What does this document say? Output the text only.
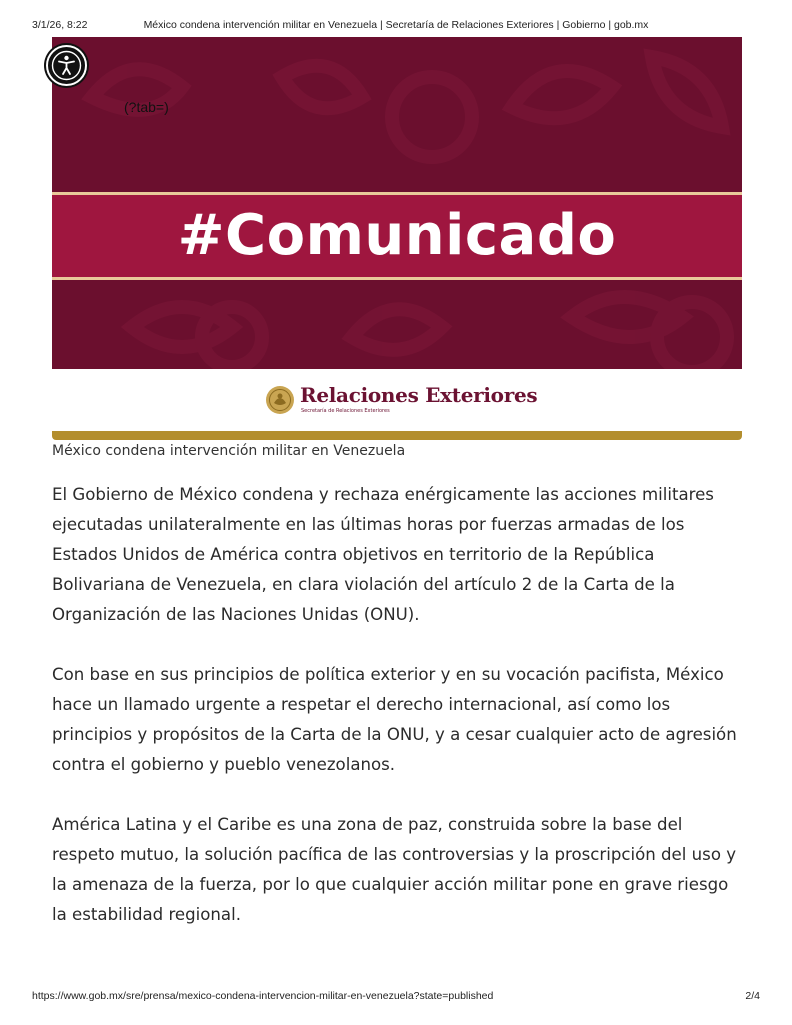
3/1/26, 8:22	México condena intervención militar en Venezuela | Secretaría de Relaciones Exteriores | Gobierno | gob.mx
#Comunicado
(?tab=)
Relaciones Exteriores
Secretaría de Relaciones Exteriores
México condena intervención militar en Venezuela

El Gobierno de México condena y rechaza enérgicamente las acciones militares ejecutadas unilateralmente en las últimas horas por fuerzas armadas de los Estados Unidos de América contra objetivos en territorio de la República Bolivariana de Venezuela, en clara violación del artículo 2 de la Carta de la Organización de las Naciones Unidas (ONU).

Con base en sus principios de política exterior y en su vocación pacifista, México hace un llamado urgente a respetar el derecho internacional, así como los principios y propósitos de la Carta de la ONU, y a cesar cualquier acto de agresión contra el gobierno y pueblo venezolanos.

América Latina y el Caribe es una zona de paz, construida sobre la base del respeto mutuo, la solución pacífica de las controversias y la proscripción del uso y la amenaza de la fuerza, por lo que cualquier acción militar pone en grave riesgo la estabilidad regional.

https://www.gob.mx/sre/prensa/mexico-condena-intervencion-militar-en-venezuela?state=published	2/4
